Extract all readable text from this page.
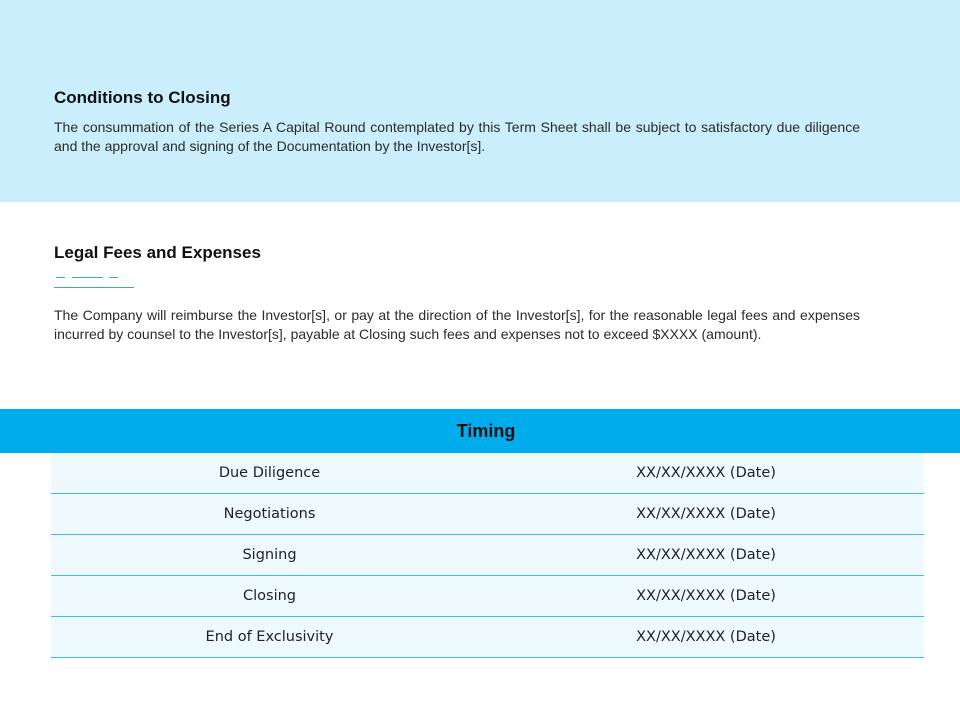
Conditions to Closing

The consummation of the Series A Capital Round contemplated by this Term Sheet shall be subject to satisfactory due diligence and the approval and signing of the Documentation by the Investor[s].

Legal Fees and Expenses

The Company will reimburse the Investor[s], or pay at the direction of the Investor[s], for the reasonable legal fees and expenses incurred by counsel to the Investor[s], payable at Closing such fees and expenses not to exceed $XXXX (amount).

Timing
Due Diligence	XX/XX/XXXX (Date)
Negotiations	XX/XX/XXXX (Date)
Signing	XX/XX/XXXX (Date)
Closing	XX/XX/XXXX (Date)
End of Exclusivity	XX/XX/XXXX (Date)
